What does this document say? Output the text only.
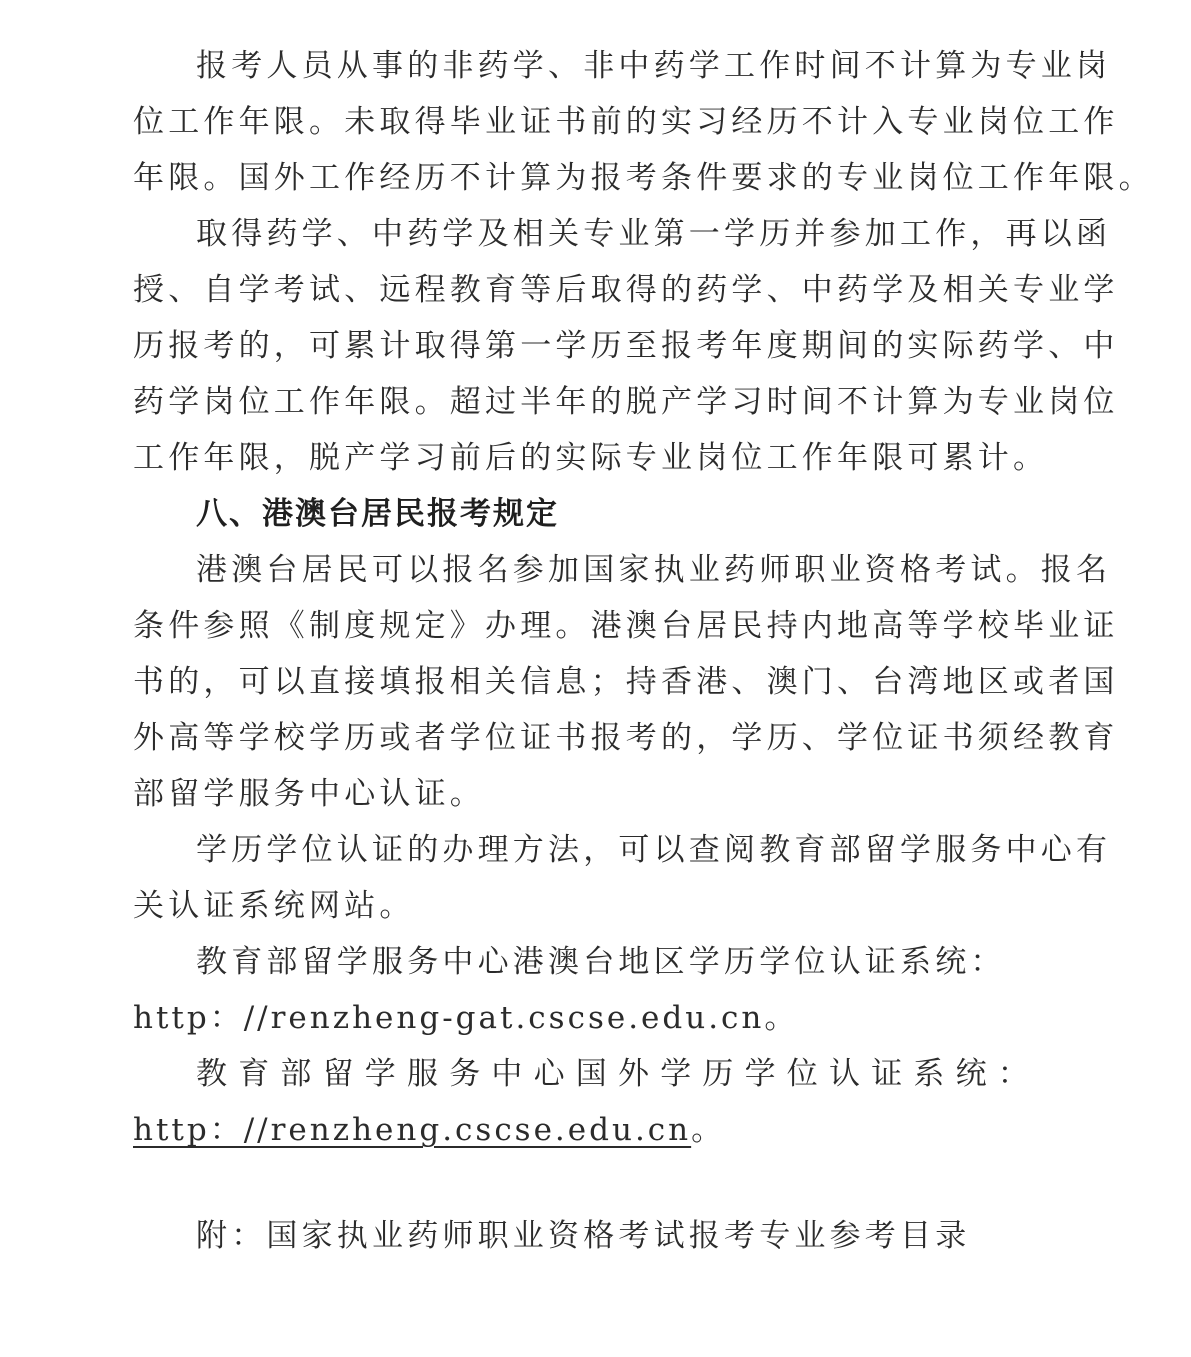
报考人员从事的非药学、非中药学工作时间不计算为专业岗
位工作年限。未取得毕业证书前的实习经历不计入专业岗位工作
年限。国外工作经历不计算为报考条件要求的专业岗位工作年限。
取得药学、中药学及相关专业第一学历并参加工作，再以函
授、自学考试、远程教育等后取得的药学、中药学及相关专业学
历报考的，可累计取得第一学历至报考年度期间的实际药学、中
药学岗位工作年限。超过半年的脱产学习时间不计算为专业岗位
工作年限，脱产学习前后的实际专业岗位工作年限可累计。
八、港澳台居民报考规定
港澳台居民可以报名参加国家执业药师职业资格考试。报名
条件参照《制度规定》办理。港澳台居民持内地高等学校毕业证
书的，可以直接填报相关信息；持香港、澳门、台湾地区或者国
外高等学校学历或者学位证书报考的，学历、学位证书须经教育
部留学服务中心认证。
学历学位认证的办理方法，可以查阅教育部留学服务中心有
关认证系统网站。
教育部留学服务中心港澳台地区学历学位认证系统：
http：//renzheng-gat.cscse.edu.cn。
教育部留学服务中心国外学历学位认证系统：
http：//renzheng.cscse.edu.cn。
附：国家执业药师职业资格考试报考专业参考目录
